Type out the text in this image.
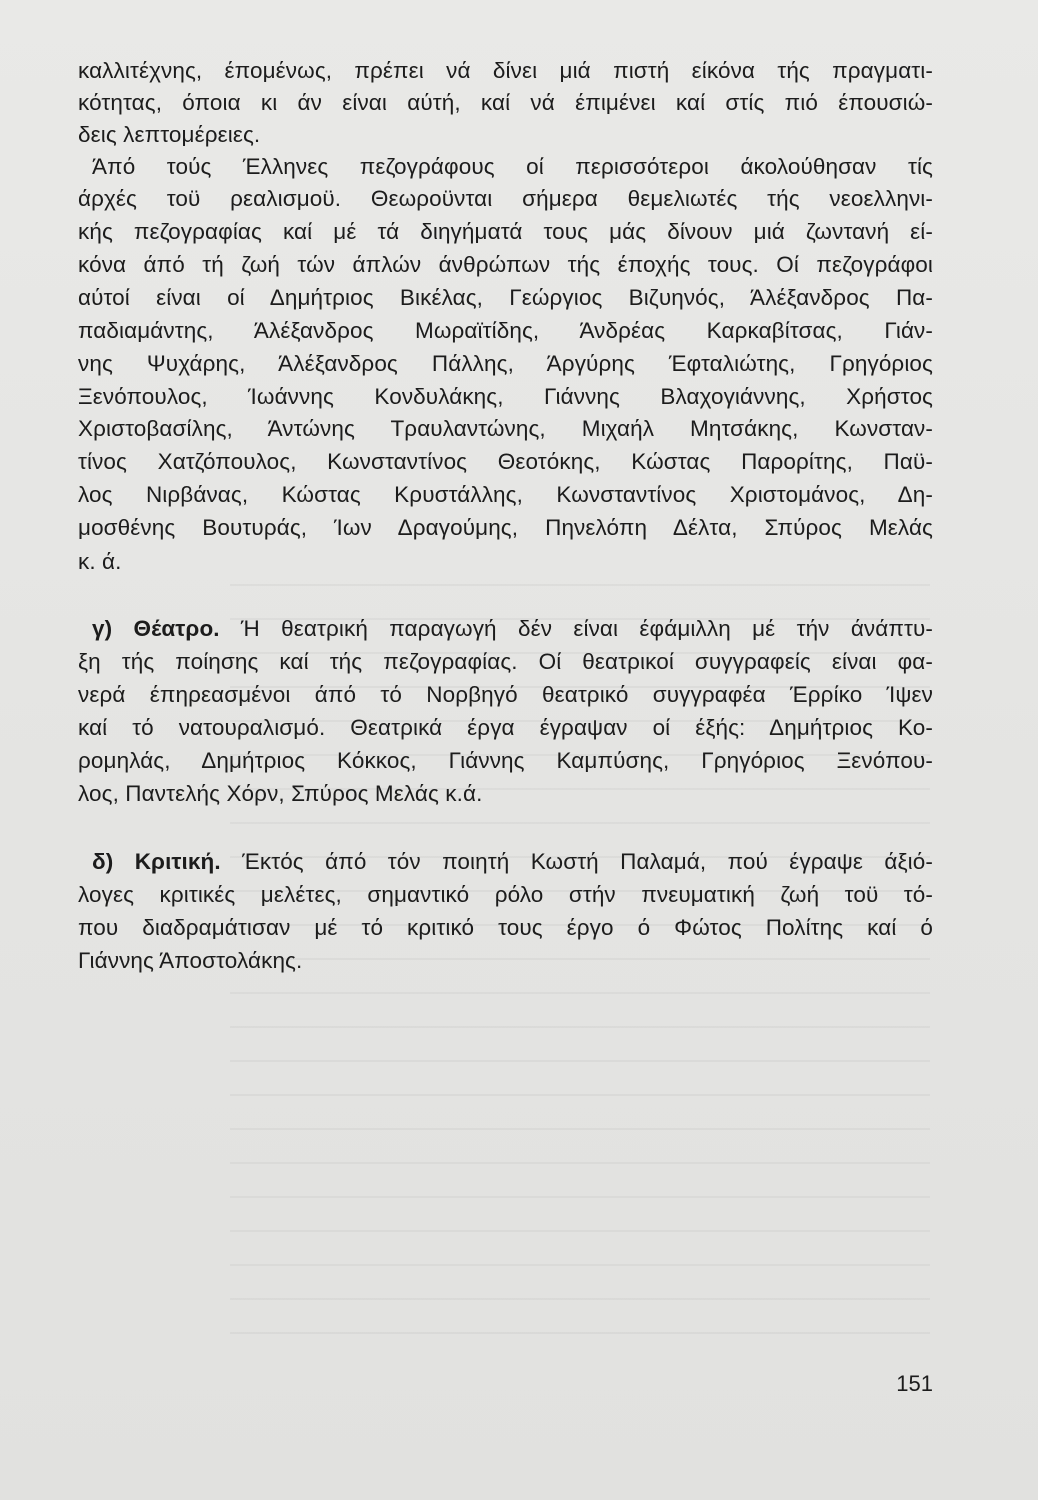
καλλιτέχνης, έπομένως, πρέπει νά δίνει μιά πιστή είκόνα τής πραγματι-
κότητας, όποια κι άν είναι αύτή, καί νά έπιμένει καί στίς πιό έπουσιώ-
δεις λεπτομέρειες.
Άπό τούς Έλληνες πεζογράφους οί περισσότεροι άκολούθησαν τίς
άρχές τοϋ ρεαλισμοϋ. Θεωροϋνται σήμερα θεμελιωτές τής νεοελληνι-
κής πεζογραφίας καί μέ τά διηγήματά τους μάς δίνουν μιά ζωντανή εί-
κόνα άπό τή ζωή τών άπλών άνθρώπων τής έποχής τους. Οί πεζογράφοι
αύτοί είναι οί Δημήτριος Βικέλας, Γεώργιος Βιζυηνός, Άλέξανδρος Πα-
παδιαμάντης, Άλέξανδρος Μωραϊτίδης, Άνδρέας Καρκαβίτσας, Γιάν-
νης Ψυχάρης, Άλέξανδρος Πάλλης, Άργύρης Έφταλιώτης, Γρηγόριος
Ξενόπουλος, Ίωάννης Κονδυλάκης, Γιάννης Βλαχογιάννης, Χρήστος
Χριστοβασίλης, Άντώνης Τραυλαντώνης, Μιχαήλ Μητσάκης, Κωνσταν-
τίνος Χατζόπουλος, Κωνσταντίνος Θεοτόκης, Κώστας Παρορίτης, Παϋ-
λος Νιρβάνας, Κώστας Κρυστάλλης, Κωνσταντίνος Χριστομάνος, Δη-
μοσθένης Βουτυράς, Ίων Δραγούμης, Πηνελόπη Δέλτα, Σπύρος Μελάς
κ. ά.
γ) Θέατρο. Ή θεατρική παραγωγή δέν είναι έφάμιλλη μέ τήν άνάπτυ-
ξη τής ποίησης καί τής πεζογραφίας. Οί θεατρικοί συγγραφείς είναι φα-
νερά έπηρεασμένοι άπό τό Νορβηγό θεατρικό συγγραφέα Έρρίκο Ίψεν
καί τό νατουραλισμό. Θεατρικά έργα έγραψαν οί έξής: Δημήτριος Κο-
ρομηλάς, Δημήτριος Κόκκος, Γιάννης Καμπύσης, Γρηγόριος Ξενόπου-
λος, Παντελής Χόρν, Σπύρος Μελάς κ.ά.
δ) Κριτική. Έκτός άπό τόν ποιητή Κωστή Παλαμά, πού έγραψε άξιό-
λογες κριτικές μελέτες, σημαντικό ρόλο στήν πνευματική ζωή τοϋ τό-
που διαδραμάτισαν μέ τό κριτικό τους έργο ό Φώτος Πολίτης καί ό
Γιάννης Άποστολάκης.
151
